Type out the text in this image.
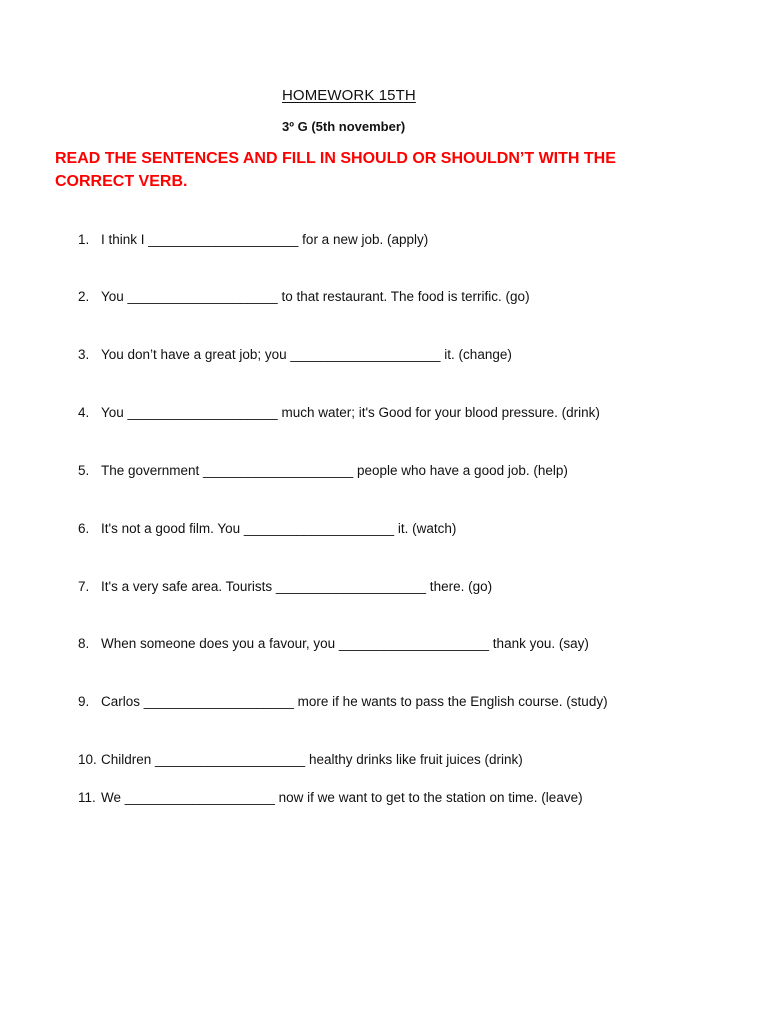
HOMEWORK 15TH
3º G (5th november)
READ THE SENTENCES AND FILL IN SHOULD OR SHOULDN’T WITH THE CORRECT VERB.
1. I think I ____________________ for a new job. (apply)
2. You ____________________ to that restaurant. The food is terrific. (go)
3. You don’t have a great job; you ____________________ it. (change)
4. You ____________________ much water; it's Good for your blood pressure. (drink)
5. The government ____________________ people who have a good job. (help)
6. It's not a good film. You ____________________ it. (watch)
7. It's a very safe area. Tourists ____________________ there. (go)
8. When someone does you a favour, you ____________________ thank you. (say)
9. Carlos ____________________ more if he wants to pass the English course. (study)
10. Children ____________________ healthy drinks like fruit juices (drink)
11. We ____________________ now if we want to get to the station on time. (leave)
